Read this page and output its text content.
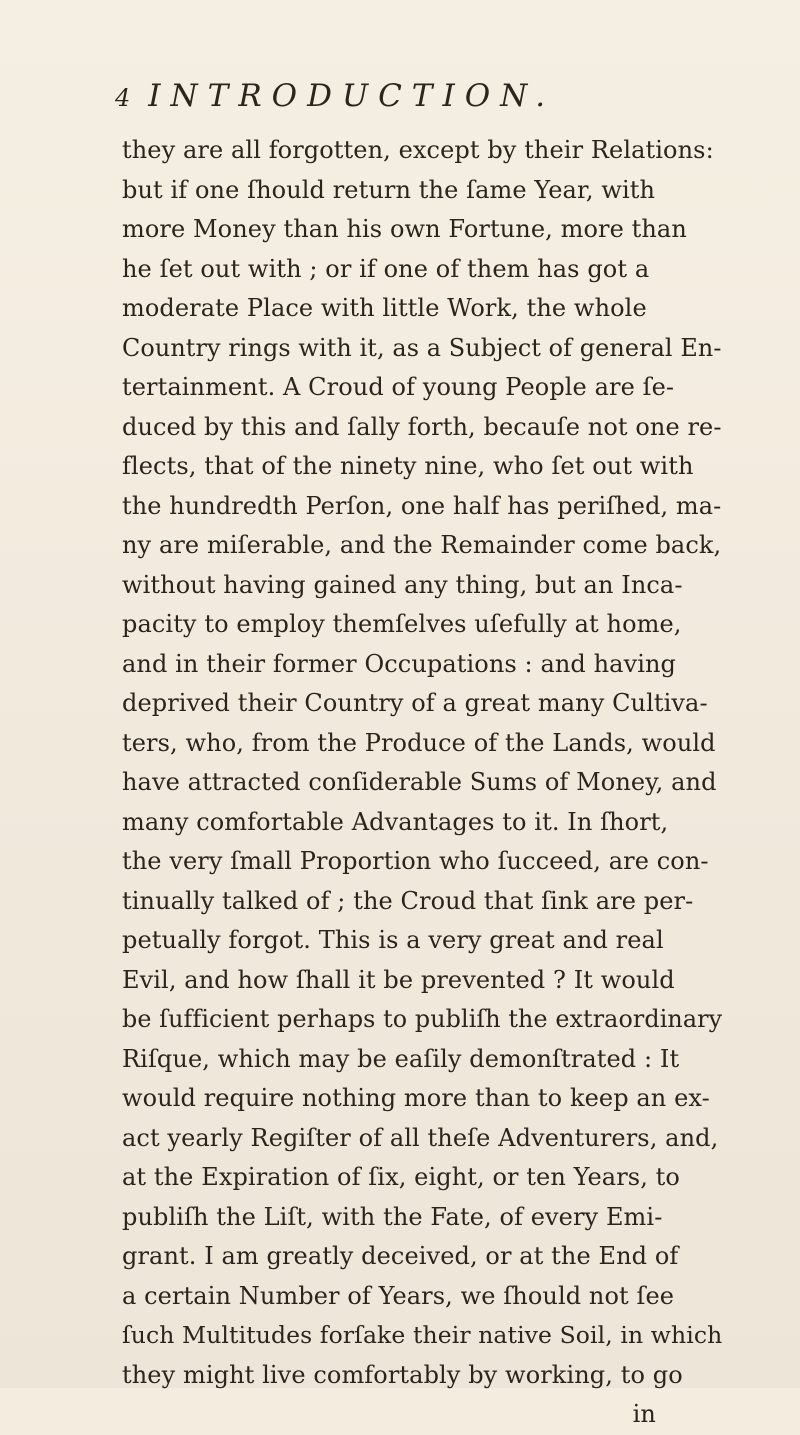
4 INTRODUCTION.
they are all forgotten, except by their Relations:
but if one ſhould return the ſame Year, with
more Money than his own Fortune, more than
he ſet out with ; or if one of them has got a
moderate Place with little Work, the whole
Country rings with it, as a Subject of general En-
tertainment. A Croud of young People are ſe-
duced by this and ſally forth, becauſe not one re-
flects, that of the ninety nine, who ſet out with
the hundredth Perſon, one half has periſhed, ma-
ny are miſerable, and the Remainder come back,
without having gained any thing, but an Inca-
pacity to employ themſelves uſefully at home,
and in their former Occupations : and having
deprived their Country of a great many Cultiva-
ters, who, from the Produce of the Lands, would
have attracted conſiderable Sums of Money, and
many comfortable Advantages to it. In ſhort,
the very ſmall Proportion who ſucceed, are con-
tinually talked of ; the Croud that ſink are per-
petually forgot. This is a very great and real
Evil, and how ſhall it be prevented ? It would
be ſufficient perhaps to publiſh the extraordinary
Riſque, which may be eaſily demonſtrated : It
would require nothing more than to keep an ex-
act yearly Regiſter of all theſe Adventurers, and,
at the Expiration of ſix, eight, or ten Years, to
publiſh the Liſt, with the Fate, of every Emi-
grant. I am greatly deceived, or at the End of
a certain Number of Years, we ſhould not ſee
ſuch Multitudes forſake their native Soil, in which
they might live comfortably by working, to go
in
